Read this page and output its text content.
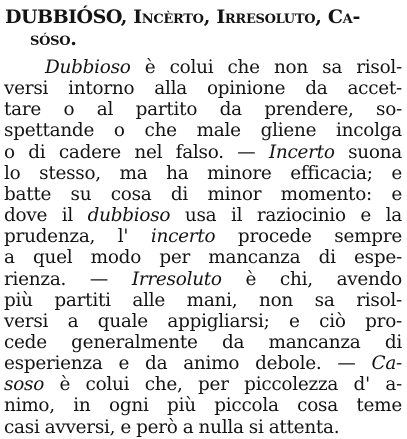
DUBBIÓSO, Incèrto, Irresoluto, Ca-
sóso.
Dubbioso è colui che non sa risol-
versi intorno alla opinione da accet-
tare o al partito da prendere, so-
spettande o che male gliene incolga
o di cadere nel falso. — Incerto suona
lo stesso, ma ha minore efficacia; e
batte su cosa di minor momento: e
dove il dubbioso usa il raziocinio e la
prudenza, l' incerto procede sempre
a quel modo per mancanza di espe-
rienza. — Irresoluto è chi, avendo
più partiti alle mani, non sa risol-
versi a quale appigliarsi; e ciò pro-
cede generalmente da mancanza di
esperienza e da animo debole. — Ca-
soso è colui che, per piccolezza d' a-
nimo, in ogni più piccola cosa teme
casi avversi, e però a nulla si attenta.
